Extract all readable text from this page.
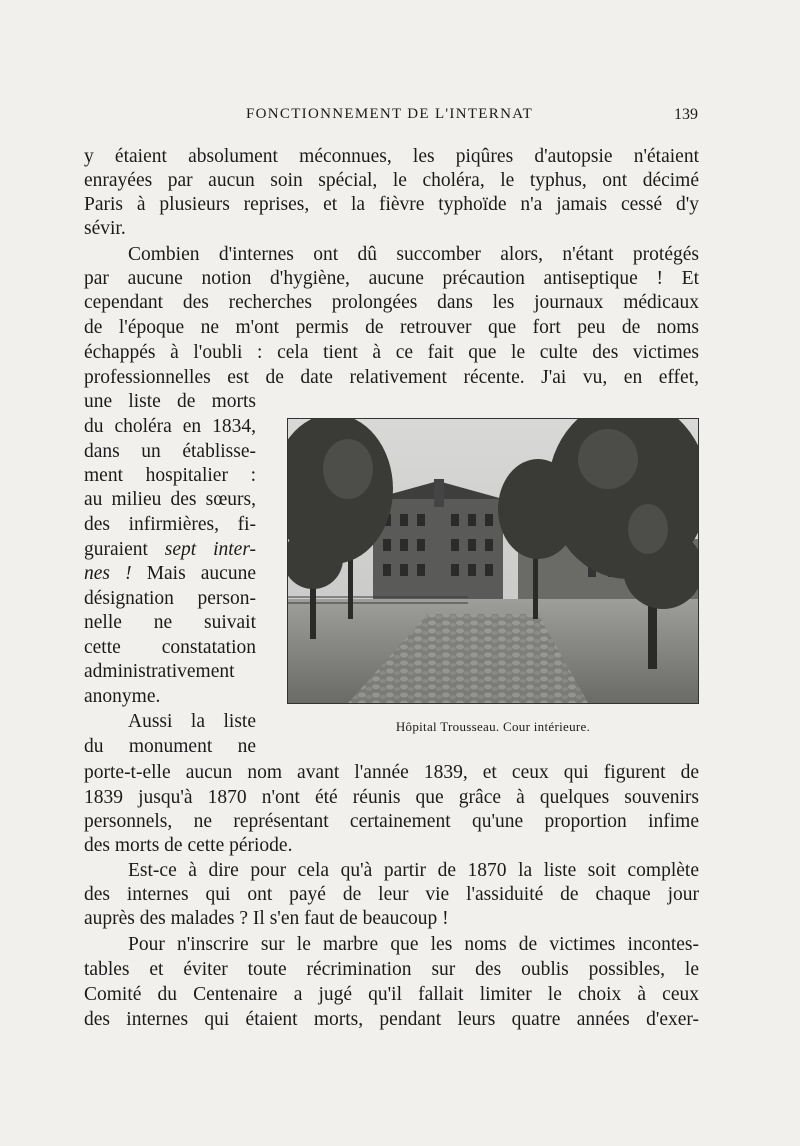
FONCTIONNEMENT DE L'INTERNAT	139
y étaient absolument méconnues, les piqûres d'autopsie n'étaient
enrayées par aucun soin spécial, le choléra, le typhus, ont décimé
Paris à plusieurs reprises, et la fièvre typhoïde n'a jamais cessé d'y
sévir.
Combien d'internes ont dû succomber alors, n'étant protégés
par aucune notion d'hygiène, aucune précaution antiseptique ! Et
cependant des recherches prolongées dans les journaux médicaux
de l'époque ne m'ont permis de retrouver que fort peu de noms
échappés à l'oubli : cela tient à ce fait que le culte des victimes
professionnelles est de date relativement récente. J'ai vu, en effet,
une liste de morts
du choléra en 1834,
dans un établisse-
ment hospitalier :
au milieu des sœurs,
des infirmières, fi-
guraient sept inter-
nes ! Mais aucune
désignation person-
nelle ne suivait
cette constatation
administrativement
anonyme.
Aussi la liste
du monument ne
Hôpital Trousseau. Cour intérieure.
porte-t-elle aucun nom avant l'année 1839, et ceux qui figurent de
1839 jusqu'à 1870 n'ont été réunis que grâce à quelques souvenirs
personnels, ne représentant certainement qu'une proportion infime
des morts de cette période.
Est-ce à dire pour cela qu'à partir de 1870 la liste soit complète
des internes qui ont payé de leur vie l'assiduité de chaque jour
auprès des malades ? Il s'en faut de beaucoup !
Pour n'inscrire sur le marbre que les noms de victimes incontes-
tables et éviter toute récrimination sur des oublis possibles, le
Comité du Centenaire a jugé qu'il fallait limiter le choix à ceux
des internes qui étaient morts, pendant leurs quatre années d'exer-
